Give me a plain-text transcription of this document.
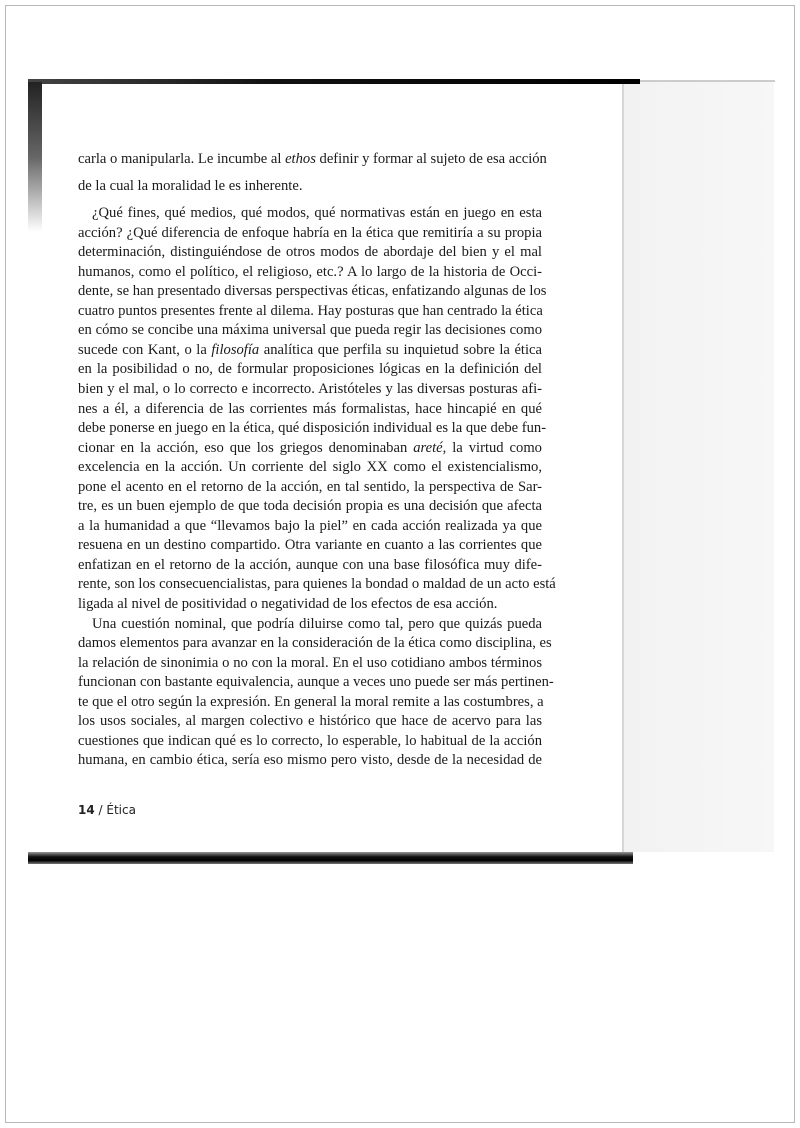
carla o manipularla. Le incumbe al ethos definir y formar al sujeto de esa acción
de la cual la moralidad le es inherente.
¿Qué fines, qué medios, qué modos, qué normativas están en juego en esta
acción? ¿Qué diferencia de enfoque habría en la ética que remitiría a su propia
determinación, distinguiéndose de otros modos de abordaje del bien y el mal
humanos, como el político, el religioso, etc.? A lo largo de la historia de Occi-
dente, se han presentado diversas perspectivas éticas, enfatizando algunas de los
cuatro puntos presentes frente al dilema. Hay posturas que han centrado la ética
en cómo se concibe una máxima universal que pueda regir las decisiones como
sucede con Kant, o la filosofía analítica que perfila su inquietud sobre la ética
en la posibilidad o no, de formular proposiciones lógicas en la definición del
bien y el mal, o lo correcto e incorrecto. Aristóteles y las diversas posturas afi-
nes a él, a diferencia de las corrientes más formalistas, hace hincapié en qué
debe ponerse en juego en la ética, qué disposición individual es la que debe fun-
cionar en la acción, eso que los griegos denominaban areté, la virtud como
excelencia en la acción. Un corriente del siglo XX como el existencialismo,
pone el acento en el retorno de la acción, en tal sentido, la perspectiva de Sar-
tre, es un buen ejemplo de que toda decisión propia es una decisión que afecta
a la humanidad a que “llevamos bajo la piel” en cada acción realizada ya que
resuena en un destino compartido. Otra variante en cuanto a las corrientes que
enfatizan en el retorno de la acción, aunque con una base filosófica muy dife-
rente, son los consecuencialistas, para quienes la bondad o maldad de un acto está
ligada al nivel de positividad o negatividad de los efectos de esa acción.
Una cuestión nominal, que podría diluirse como tal, pero que quizás pueda
damos elementos para avanzar en la consideración de la ética como disciplina, es
la relación de sinonimia o no con la moral. En el uso cotidiano ambos términos
funcionan con bastante equivalencia, aunque a veces uno puede ser más pertinen-
te que el otro según la expresión. En general la moral remite a las costumbres, a
los usos sociales, al margen colectivo e histórico que hace de acervo para las
cuestiones que indican qué es lo correcto, lo esperable, lo habitual de la acción
humana, en cambio ética, sería eso mismo pero visto, desde de la necesidad de
14 / Ética
